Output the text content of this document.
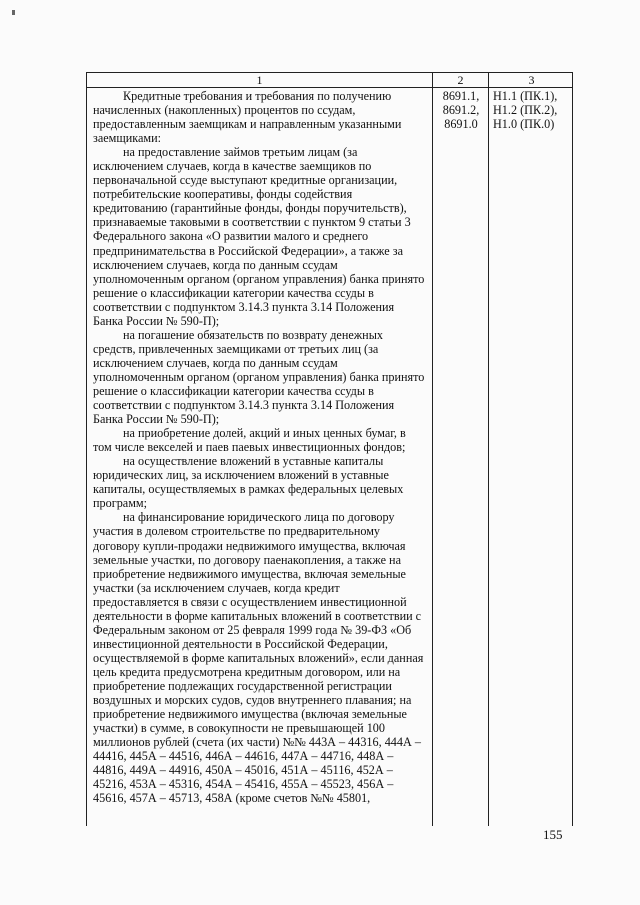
1	2	3

Кредитные требования и требования по получению начисленных (накопленных) процентов по ссудам, предоставленным заемщикам и направленным указанными заемщиками:

на предоставление займов третьим лицам (за исключением случаев, когда в качестве заемщиков по первоначальной ссуде выступают кредитные организации, потребительские кооперативы, фонды содействия кредитованию (гарантийные фонды, фонды поручительств), признаваемые таковыми в соответствии с пунктом 9 статьи 3 Федерального закона «О развитии малого и среднего предпринимательства в Российской Федерации», а также за исключением случаев, когда по данным ссудам уполномоченным органом (органом управления) банка принято решение о классификации категории качества ссуды в соответствии с подпунктом 3.14.3 пункта 3.14 Положения Банка России № 590-П);

на погашение обязательств по возврату денежных средств, привлеченных заемщиками от третьих лиц (за исключением случаев, когда по данным ссудам уполномоченным органом (органом управления) банка принято решение о классификации категории качества ссуды в соответствии с подпунктом 3.14.3 пункта 3.14 Положения Банка России № 590-П);

на приобретение долей, акций и иных ценных бумаг, в том числе векселей и паев паевых инвестиционных фондов;

на осуществление вложений в уставные капиталы юридических лиц, за исключением вложений в уставные капиталы, осуществляемых в рамках федеральных целевых программ;

на финансирование юридического лица по договору участия в долевом строительстве по предварительному договору купли-продажи недвижимого имущества, включая земельные участки, по договору паенакопления, а также на приобретение недвижимого имущества, включая земельные участки (за исключением случаев, когда кредит предоставляется в связи с осуществлением инвестиционной деятельности в форме капитальных вложений в соответствии с Федеральным законом от 25 февраля 1999 года № 39-ФЗ «Об инвестиционной деятельности в Российской Федерации, осуществляемой в форме капитальных вложений», если данная цель кредита предусмотрена кредитным договором, или на приобретение подлежащих государственной регистрации воздушных и морских судов, судов внутреннего плавания; на приобретение недвижимого имущества (включая земельные участки) в сумме, в совокупности не превышающей 100 миллионов рублей (счета (их части) №№ 443А – 44316, 444А – 44416, 445А – 44516, 446А – 44616, 447А – 44716, 448А – 44816, 449А – 44916, 450А – 45016, 451А – 45116, 452А – 45216, 453А – 45316, 454А – 45416, 455А – 45523, 456А – 45616, 457А – 45713, 458А (кроме счетов №№ 45801,

8691.1,
8691.2,
8691.0
Н1.1 (ПК.1),
Н1.2 (ПК.2),
Н1.0 (ПК.0)
155
